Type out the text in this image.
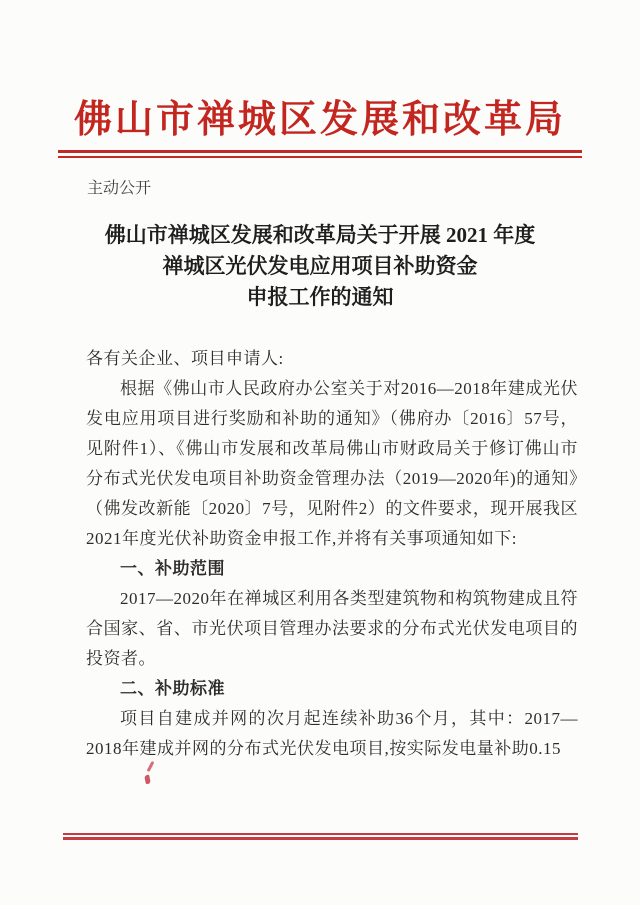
佛山市禅城区发展和改革局
主动公开
佛山市禅城区发展和改革局关于开展 2021 年度
禅城区光伏发电应用项目补助资金
申报工作的通知

各有关企业、项目申请人:

根据《佛山市人民政府办公室关于对2016—2018年建成光伏发电应用项目进行奖励和补助的通知》（佛府办〔2016〕57号，见附件1）、《佛山市发展和改革局佛山市财政局关于修订佛山市分布式光伏发电项目补助资金管理办法（2019—2020年)的通知》（佛发改新能〔2020〕7号，见附件2）的文件要求，现开展我区2021年度光伏补助资金申报工作,并将有关事项通知如下:

一、补助范围

2017—2020年在禅城区利用各类型建筑物和构筑物建成且符合国家、省、市光伏项目管理办法要求的分布式光伏发电项目的投资者。

二、补助标准

项目自建成并网的次月起连续补助36个月，其中：2017—2018年建成并网的分布式光伏发电项目,按实际发电量补助0.15
